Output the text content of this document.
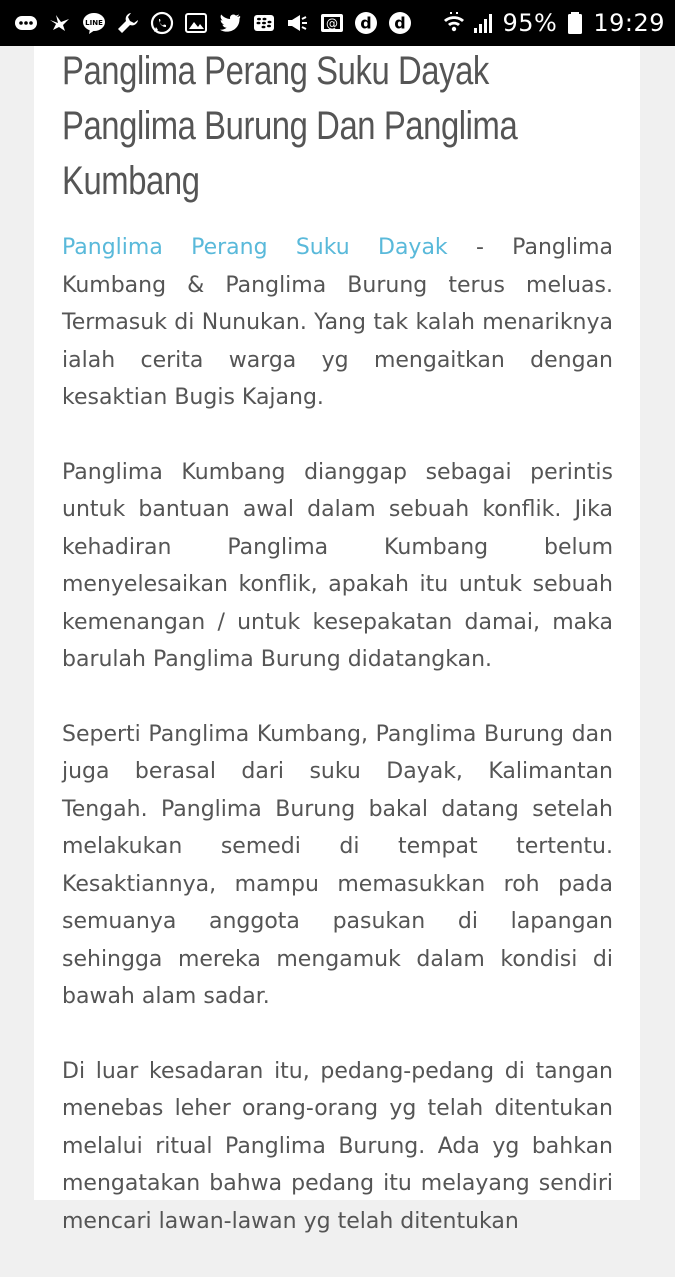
LINE	@ d d	95% 19:29
Panglima Perang Suku Dayak Panglima Burung Dan Panglima Kumbang

Panglima Perang Suku Dayak - Panglima Kumbang & Panglima Burung terus meluas. Termasuk di Nunukan. Yang tak kalah menariknya ialah cerita warga yg mengaitkan dengan kesaktian Bugis Kajang.

Panglima Kumbang dianggap sebagai perintis untuk bantuan awal dalam sebuah konflik. Jika kehadiran Panglima Kumbang belum menyelesaikan konflik, apakah itu untuk sebuah kemenangan / untuk kesepakatan damai, maka barulah Panglima Burung didatangkan.

Seperti Panglima Kumbang, Panglima Burung dan juga berasal dari suku Dayak, Kalimantan Tengah. Panglima Burung bakal datang setelah melakukan semedi di tempat tertentu. Kesaktiannya, mampu memasukkan roh pada semuanya anggota pasukan di lapangan sehingga mereka mengamuk dalam kondisi di bawah alam sadar.

Di luar kesadaran itu, pedang-pedang di tangan menebas leher orang-orang yg telah ditentukan melalui ritual Panglima Burung. Ada yg bahkan mengatakan bahwa pedang itu melayang sendiri mencari lawan-lawan yg telah ditentukan
